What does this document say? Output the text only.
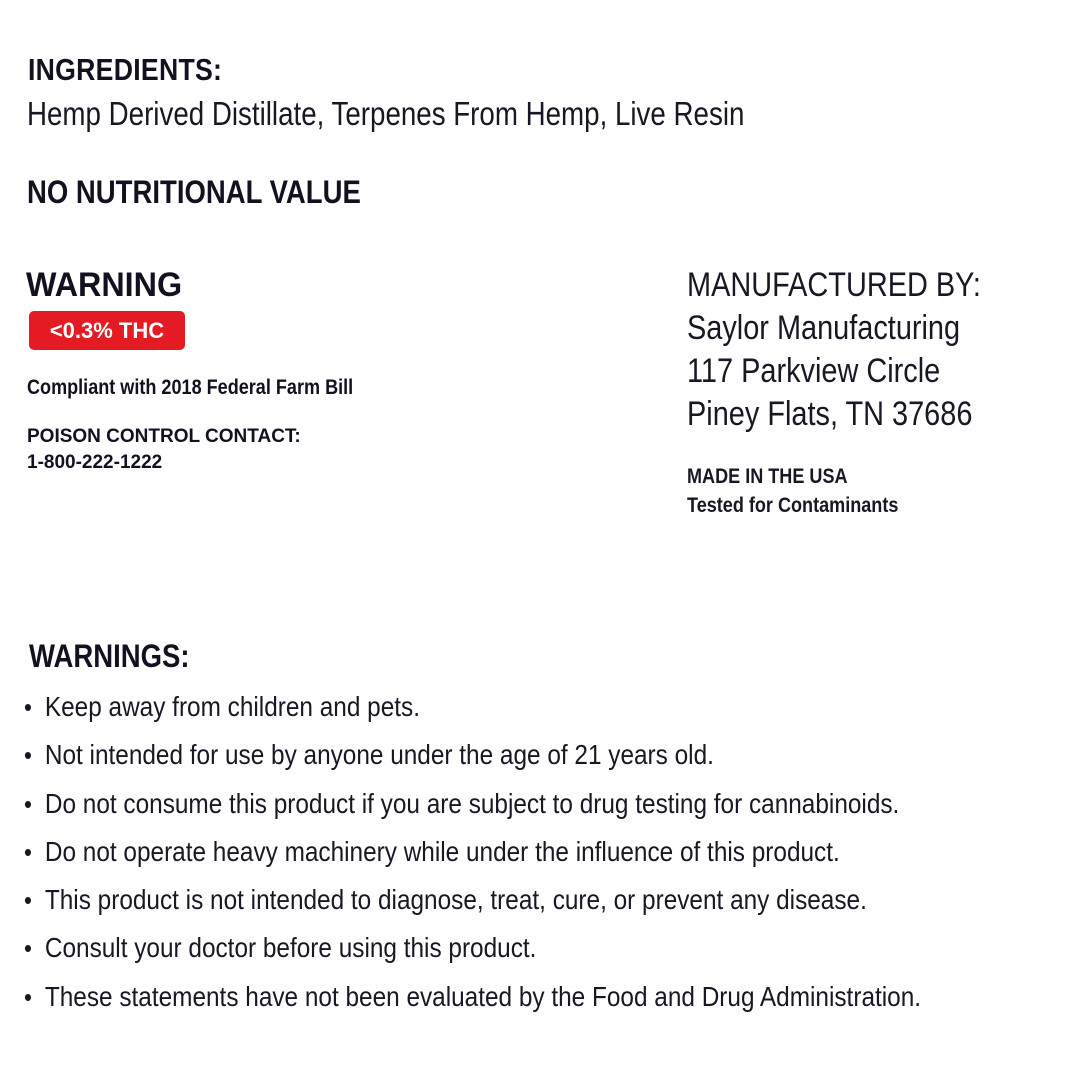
INGREDIENTS:
Hemp Derived Distillate, Terpenes From Hemp, Live Resin
NO NUTRITIONAL VALUE
WARNING
<0.3% THC
Compliant with 2018 Federal Farm Bill
POISON CONTROL CONTACT:
1-800-222-1222
MANUFACTURED BY:
Saylor Manufacturing
117 Parkview Circle
Piney Flats, TN 37686
MADE IN THE USA
Tested for Contaminants
WARNINGS:
• Keep away from children and pets.
• Not intended for use by anyone under the age of 21 years old.
• Do not consume this product if you are subject to drug testing for cannabinoids.
• Do not operate heavy machinery while under the influence of this product.
• This product is not intended to diagnose, treat, cure, or prevent any disease.
• Consult your doctor before using this product.
• These statements have not been evaluated by the Food and Drug Administration.
